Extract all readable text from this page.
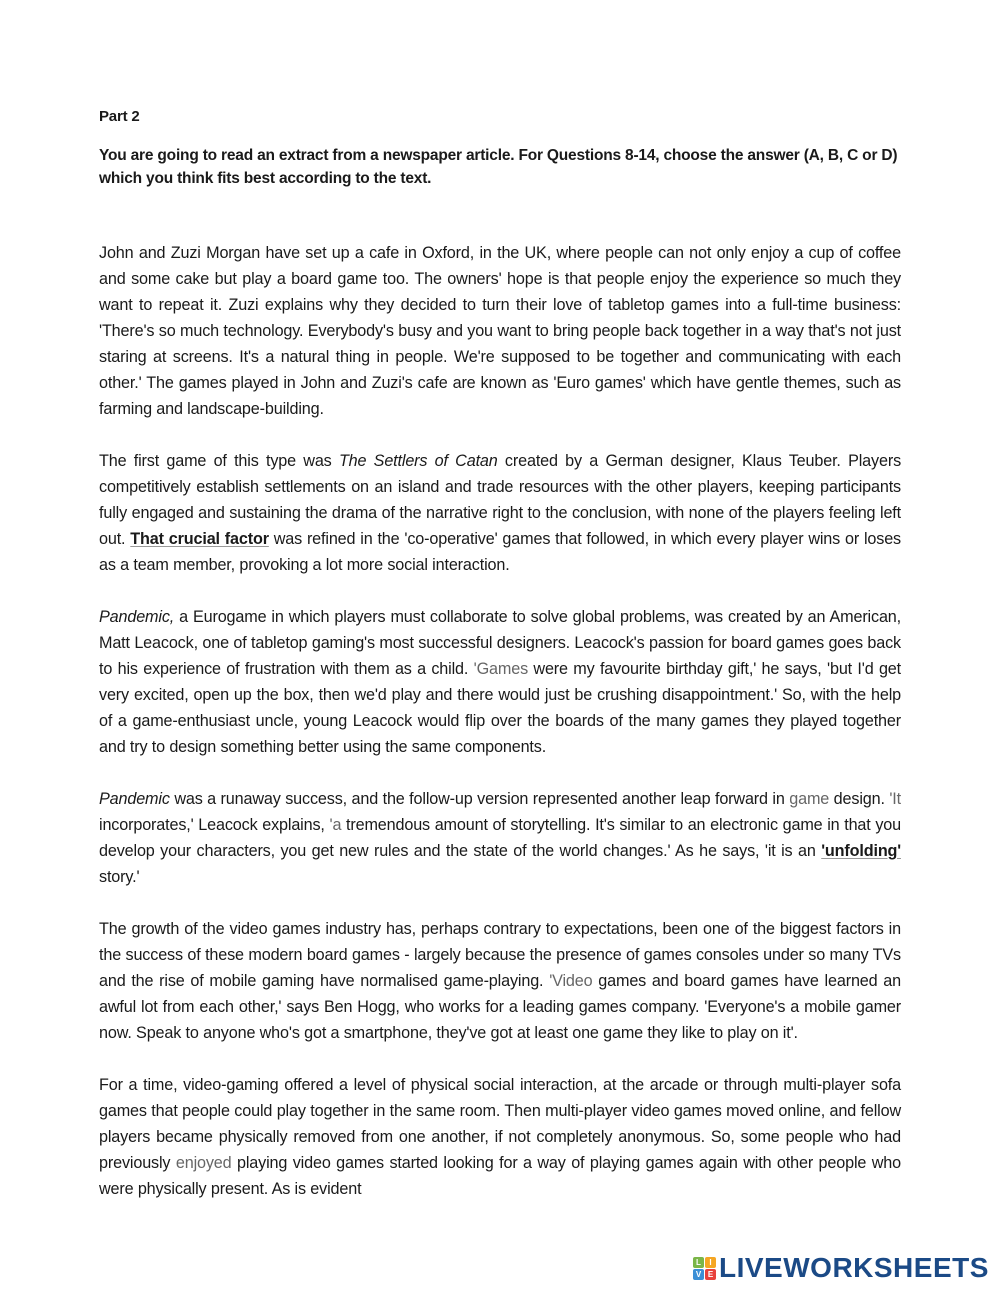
Part 2

You are going to read an extract from a newspaper article. For Questions 8-14, choose the answer (A, B, C or D) which you think fits best according to the text.

John and Zuzi Morgan have set up a cafe in Oxford, in the UK, where people can not only enjoy a cup of coffee and some cake but play a board game too. The owners' hope is that people enjoy the experience so much they want to repeat it. Zuzi explains why they decided to turn their love of tabletop games into a full-time business: 'There's so much technology. Everybody's busy and you want to bring people back together in a way that's not just staring at screens. It's a natural thing in people. We're supposed to be together and communicating with each other.' The games played in John and Zuzi's cafe are known as 'Euro games' which have gentle themes, such as farming and landscape-building.

The first game of this type was The Settlers of Catan created by a German designer, Klaus Teuber. Players competitively establish settlements on an island and trade resources with the other players, keeping participants fully engaged and sustaining the drama of the narrative right to the conclusion, with none of the players feeling left out. That crucial factor was refined in the 'co-operative' games that followed, in which every player wins or loses as a team member, provoking a lot more social interaction.

Pandemic, a Eurogame in which players must collaborate to solve global problems, was created by an American, Matt Leacock, one of tabletop gaming's most successful designers. Leacock's passion for board games goes back to his experience of frustration with them as a child. 'Games were my favourite birthday gift,' he says, 'but I'd get very excited, open up the box, then we'd play and there would just be crushing disappointment.' So, with the help of a game-enthusiast uncle, young Leacock would flip over the boards of the many games they played together and try to design something better using the same components.

Pandemic was a runaway success, and the follow-up version represented another leap forward in game design. 'It incorporates,' Leacock explains, 'a tremendous amount of storytelling. It's similar to an electronic game in that you develop your characters, you get new rules and the state of the world changes.' As he says, 'it is an 'unfolding' story.'

The growth of the video games industry has, perhaps contrary to expectations, been one of the biggest factors in the success of these modern board games - largely because the presence of games consoles under so many TVs and the rise of mobile gaming have normalised game-playing. 'Video games and board games have learned an awful lot from each other,' says Ben Hogg, who works for a leading games company. 'Everyone's a mobile gamer now. Speak to anyone who's got a smartphone, they've got at least one game they like to play on it'.

For a time, video-gaming offered a level of physical social interaction, at the arcade or through multi-player sofa games that people could play together in the same room. Then multi-player video games moved online, and fellow players became physically removed from one another, if not completely anonymous. So, some people who had previously enjoyed playing video games started looking for a way of playing games again with other people who were physically present. As is evident

L	I
V E LIVEWORKSHEETS
